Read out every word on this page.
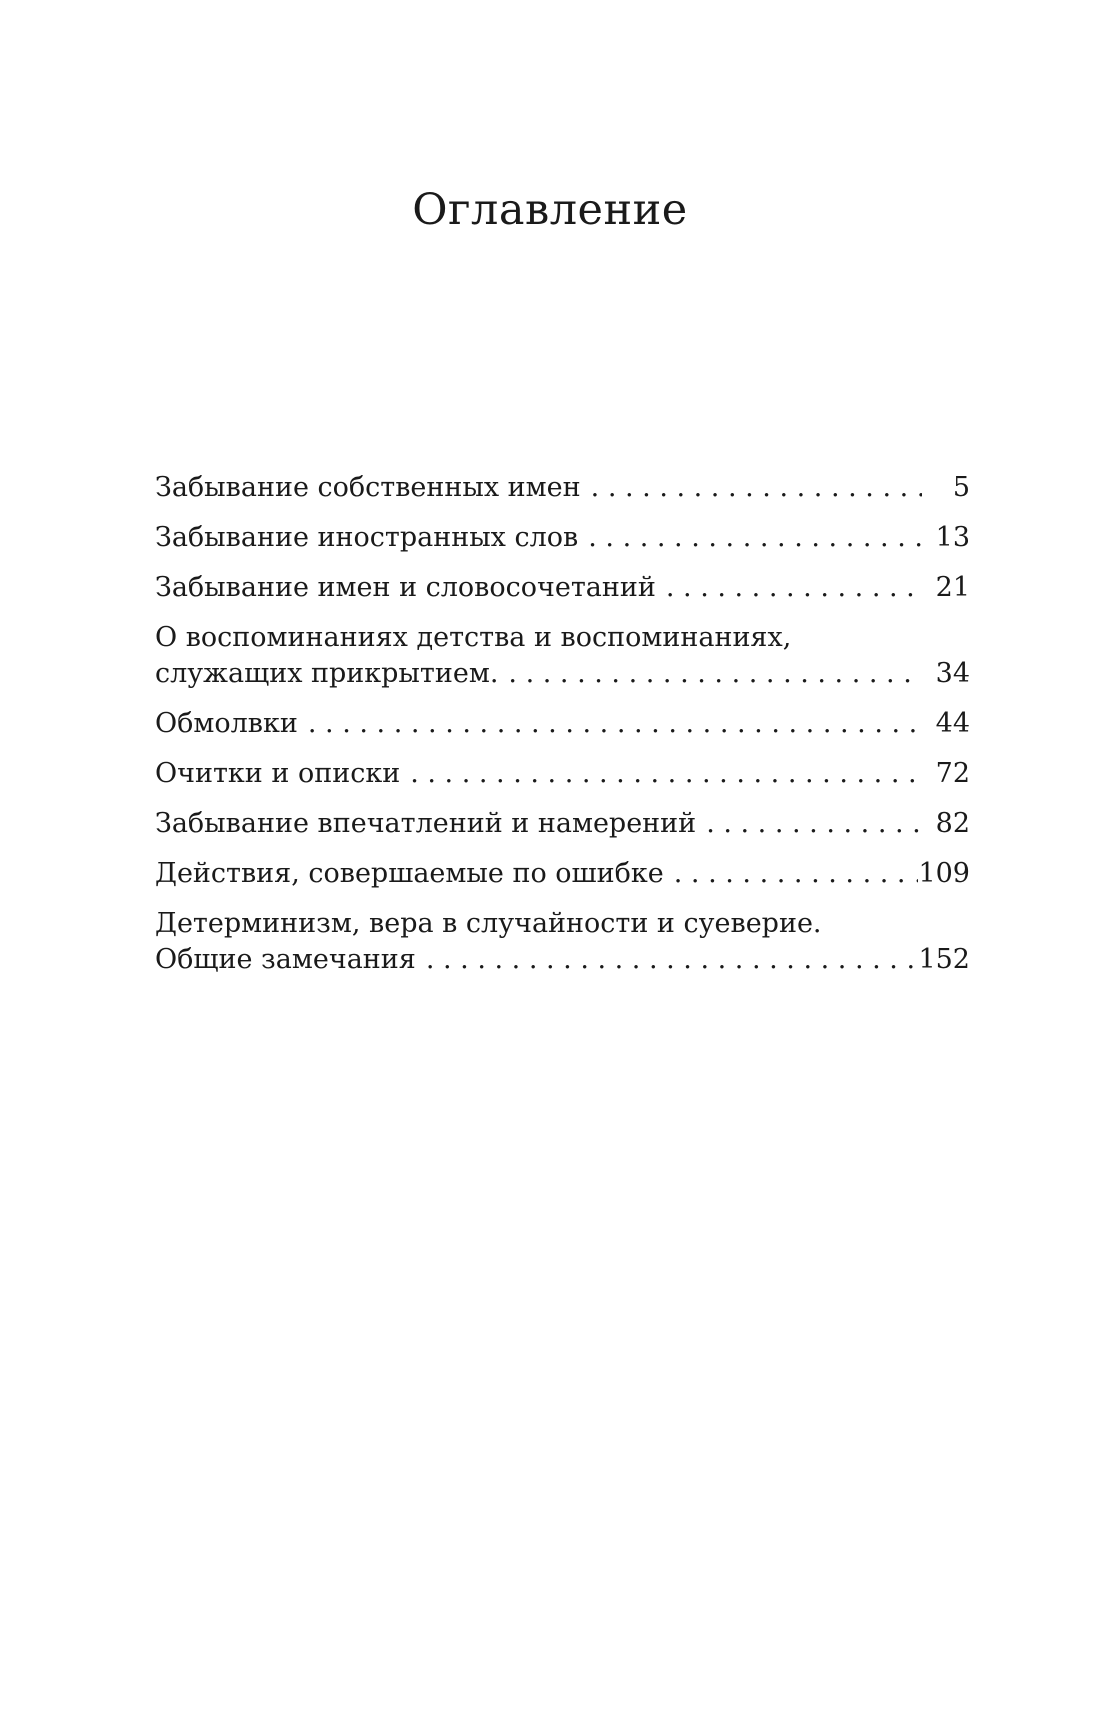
Оглавление
Забывание собственных имен . . .	5
Забывание иностранных слов . . .	13
Забывание имен и словосочетаний . . .	21
О воспоминаниях детства и воспоминаниях,
служащих прикрытием. . . .	34
Обмолвки . . .	44
Очитки и описки . . .	72
Забывание впечатлений и намерений . . .	82
Действия, совершаемые по ошибке . . .	109
Детерминизм, вера в случайности и суеверие.
Общие замечания . . .	152
